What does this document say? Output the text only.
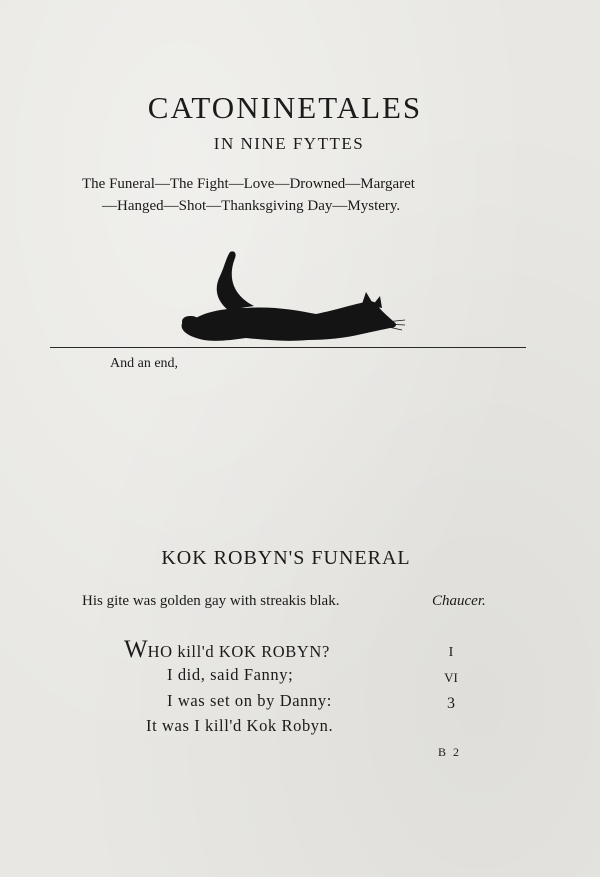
CATONINETALES
IN NINE FYTTES
The Funeral—The Fight—Love—Drowned—Margaret
—Hanged—Shot—Thanksgiving Day—Mystery.
And an end,
KOK ROBYN'S FUNERAL
His gite was golden gay with streakis blak.	Chaucer.
WHO kill'd KOK ROBYN?
I did, said Fanny;
I was set on by Danny:
It was I kill'd Kok Robyn.
I
VI
3
B 2
